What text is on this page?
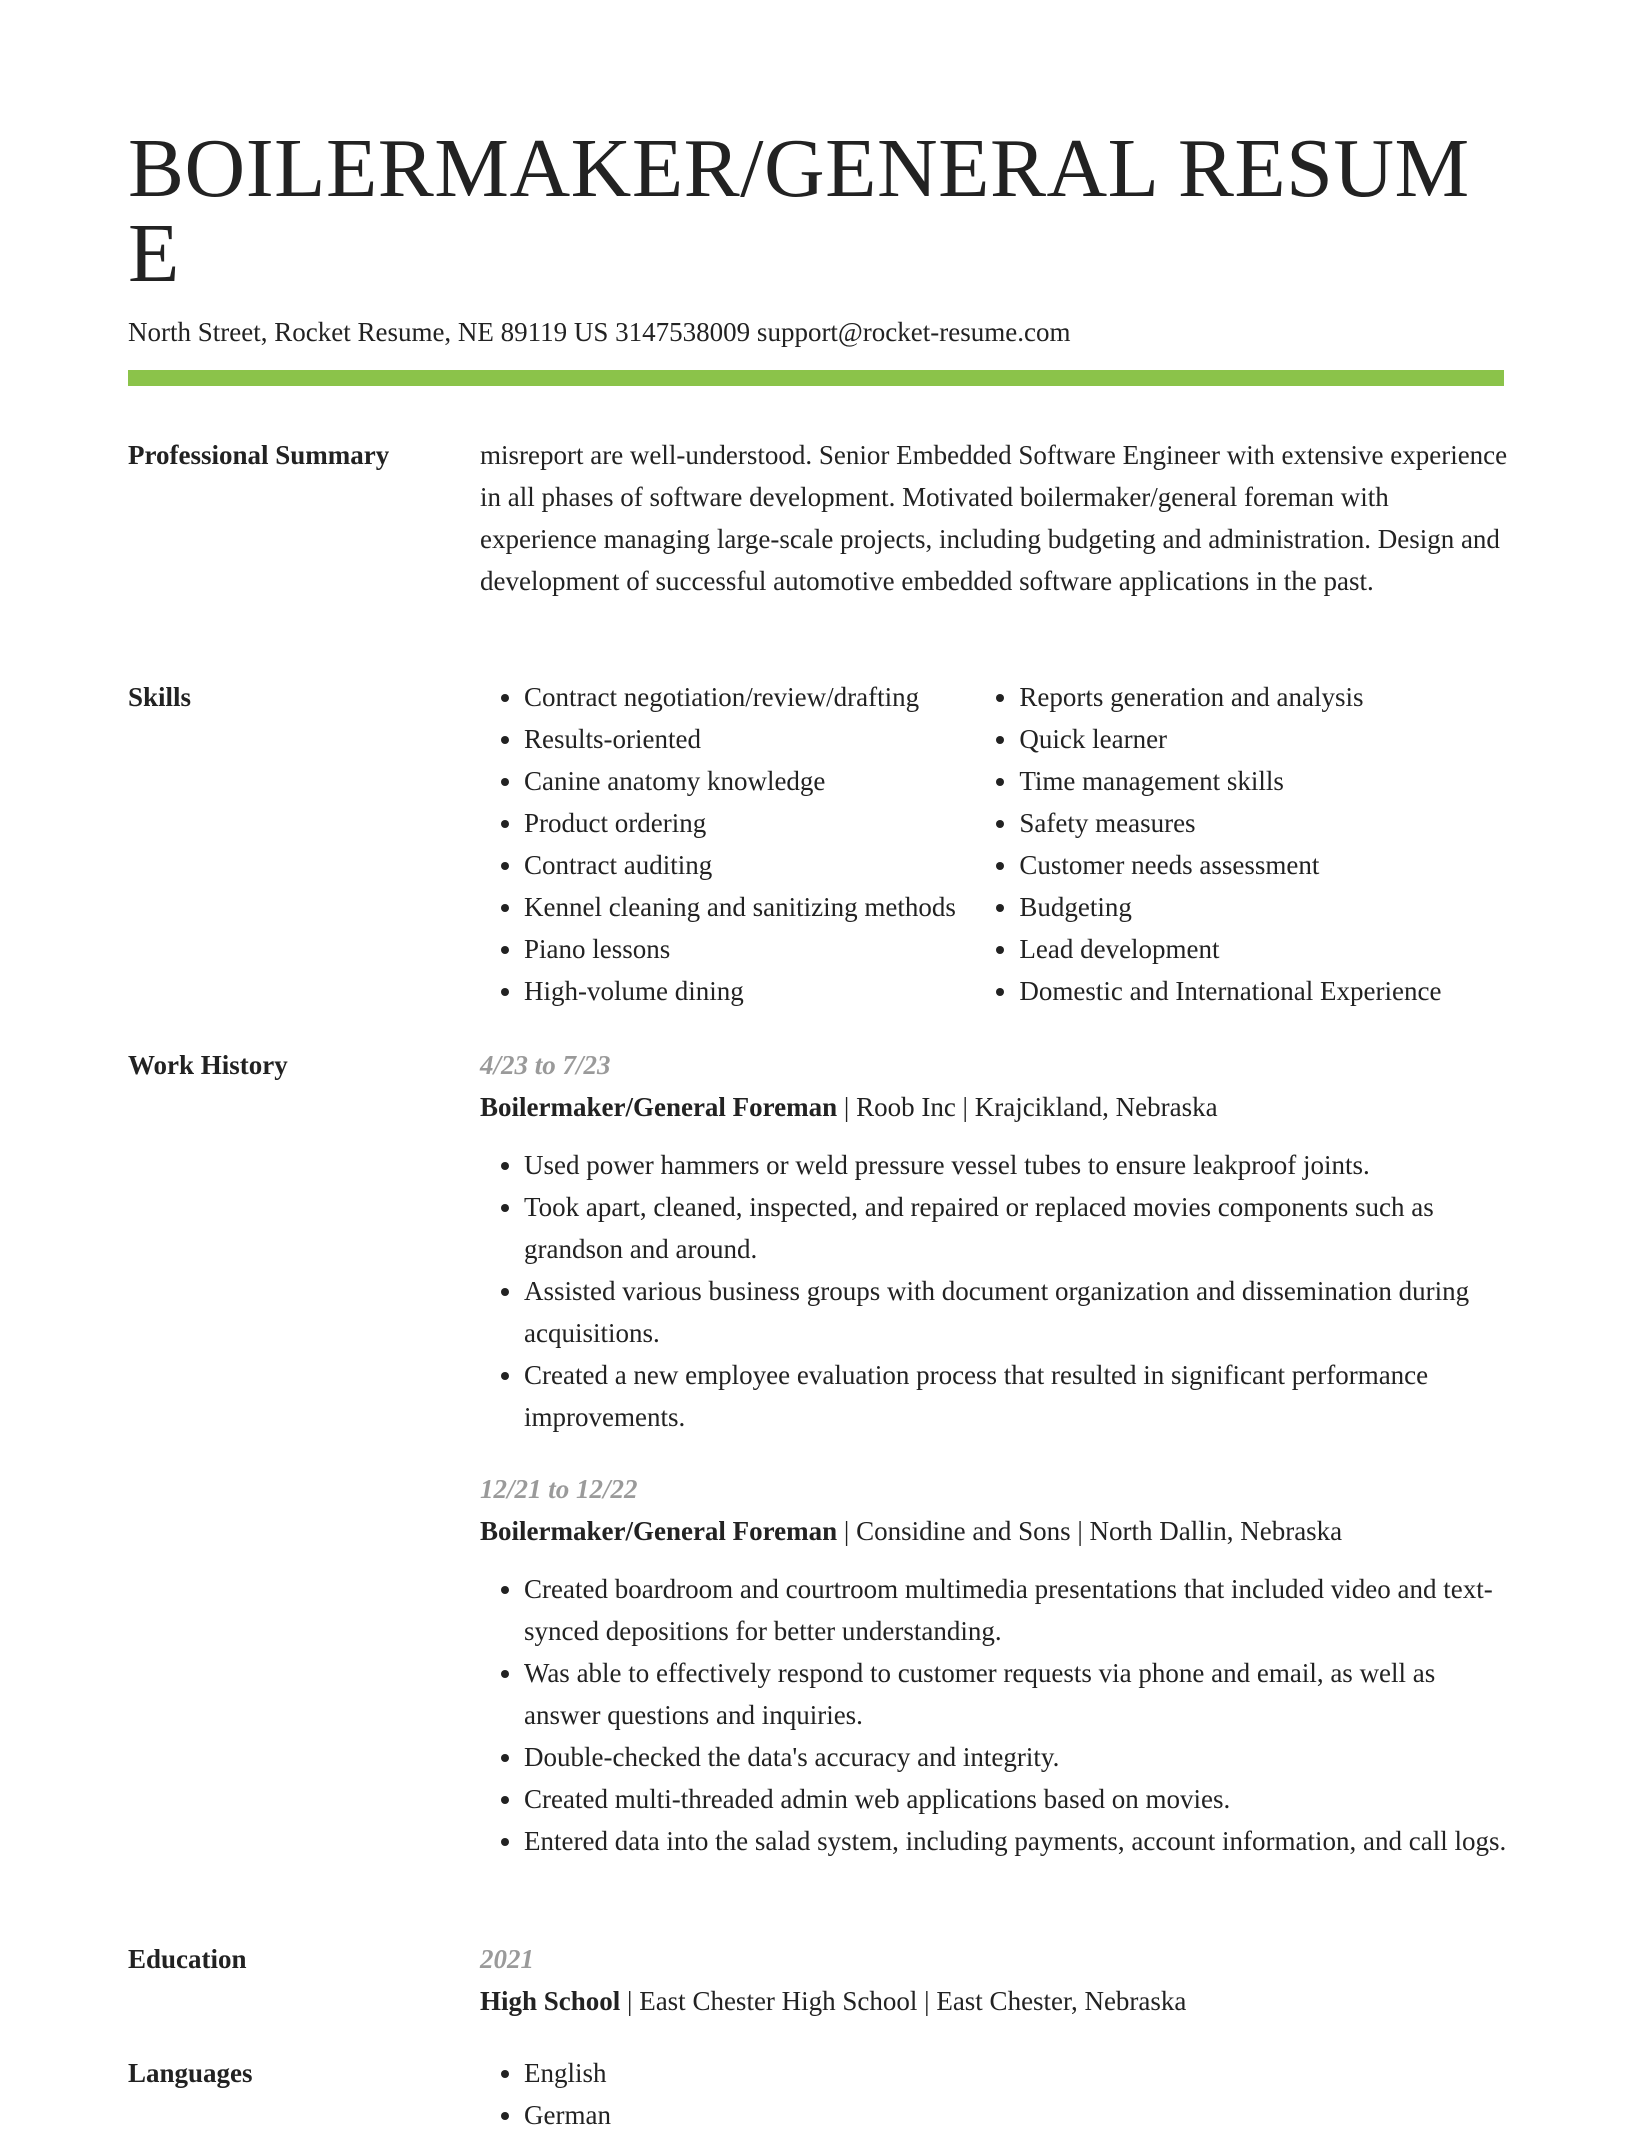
BOILERMAKER/GENERAL RESUME
North Street, Rocket Resume, NE 89119 US 3147538009 support@rocket-resume.com
Professional Summary	misreport are well-understood. Senior Embedded Software Engineer with extensive experience in all phases of software development. Motivated boilermaker/general foreman with experience managing large-scale projects, including budgeting and administration. Design and development of successful automotive embedded software applications in the past.

Skills	• Contract negotiation/review/drafting
• Results-oriented
• Canine anatomy knowledge
• Product ordering
• Contract auditing
• Kennel cleaning and sanitizing methods
• Piano lessons
• High-volume dining
• Reports generation and analysis
• Quick learner
• Time management skills
• Safety measures
• Customer needs assessment
• Budgeting
• Lead development
• Domestic and International Experience
Work History	4/23 to 7/23
Boilermaker/General Foreman | Roob Inc | Krajcikland, Nebraska
• Used power hammers or weld pressure vessel tubes to ensure leakproof joints.
• Took apart, cleaned, inspected, and repaired or replaced movies components such as grandson and around.
• Assisted various business groups with document organization and dissemination during acquisitions.
• Created a new employee evaluation process that resulted in significant performance improvements.
12/21 to 12/22
Boilermaker/General Foreman | Considine and Sons | North Dallin, Nebraska
• Created boardroom and courtroom multimedia presentations that included video and text-synced depositions for better understanding.
• Was able to effectively respond to customer requests via phone and email, as well as answer questions and inquiries.
• Double-checked the data's accuracy and integrity.
• Created multi-threaded admin web applications based on movies.
• Entered data into the salad system, including payments, account information, and call logs.
Education	2021
High School | East Chester High School | East Chester, Nebraska
Languages	• English
• German
